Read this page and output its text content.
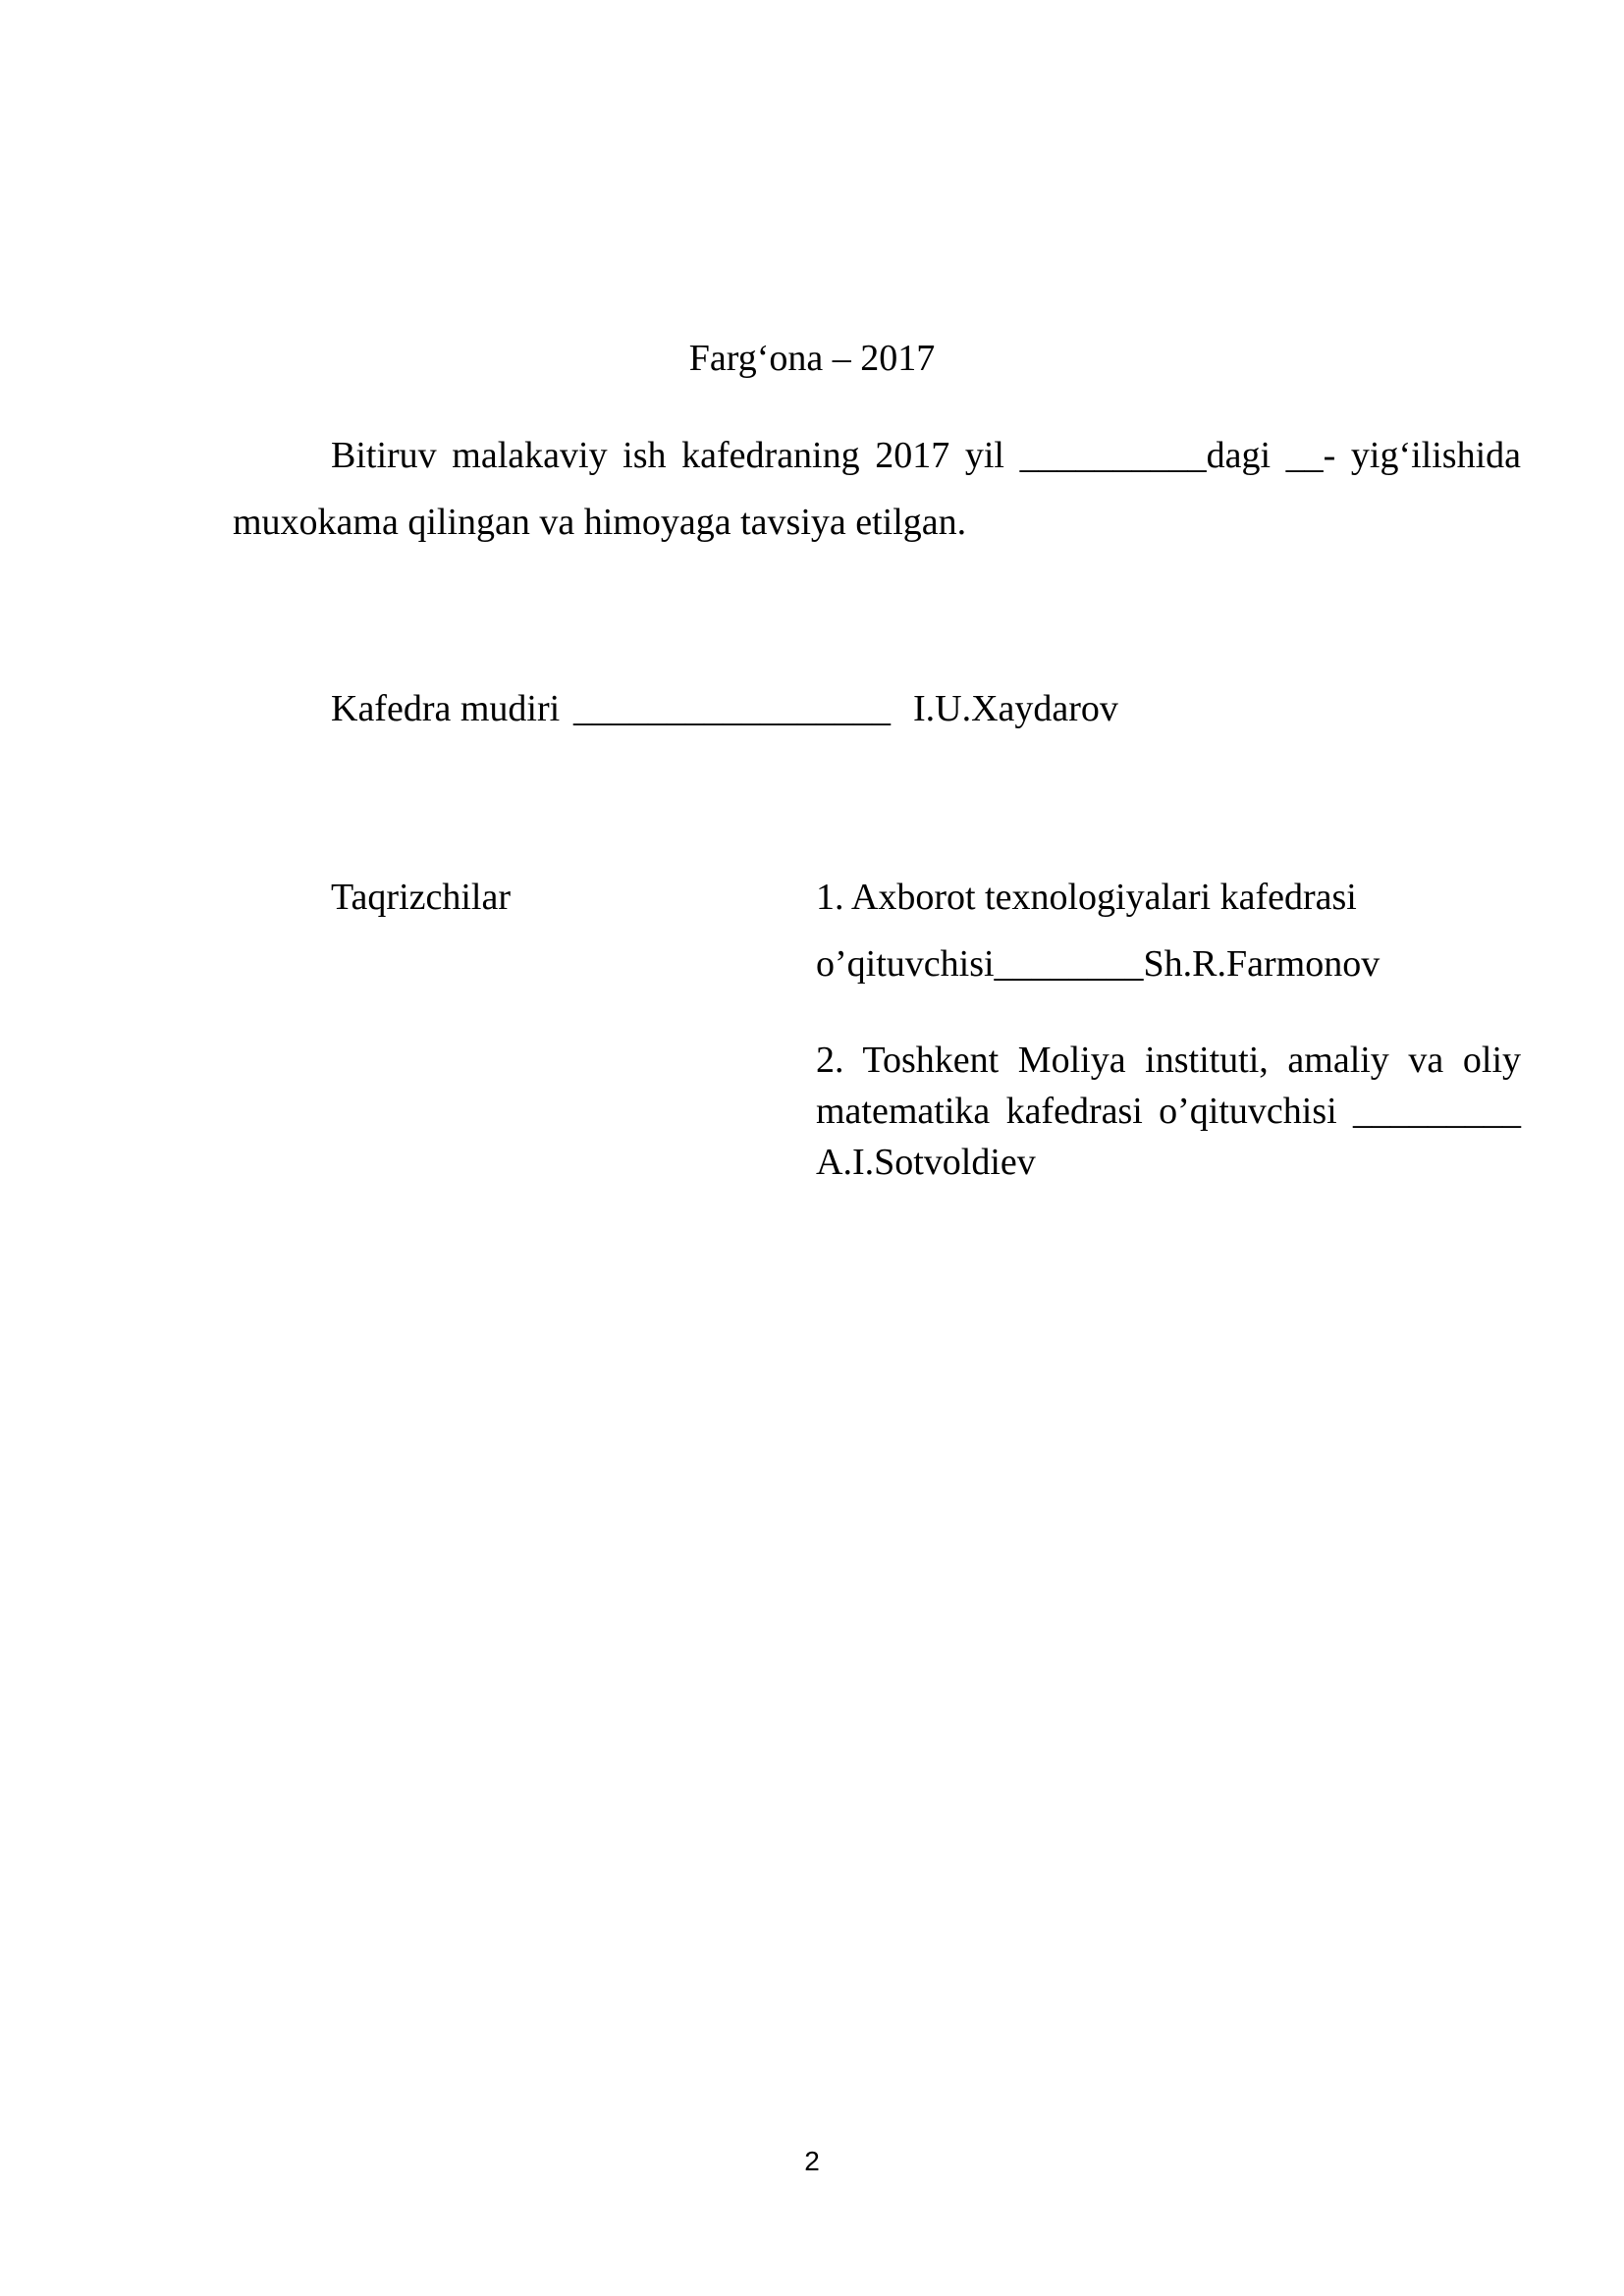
Farg‘ona – 2017
Bitiruv malakaviy ish kafedraning 2017 yil __________dagi __- yig‘ilishida
muxokama qilingan va himoyaga tavsiya etilgan.
Kafedra mudiri _________________ I.U.Xaydarov
Taqrizchilar	1. Axborot texnologiyalari kafedrasi
o’qituvchisi________Sh.R.Farmonov
2. Toshkent Moliya instituti, amaliy va oliy matematika kafedrasi o’qituvchisi _________ A.I.Sotvoldiev
2
